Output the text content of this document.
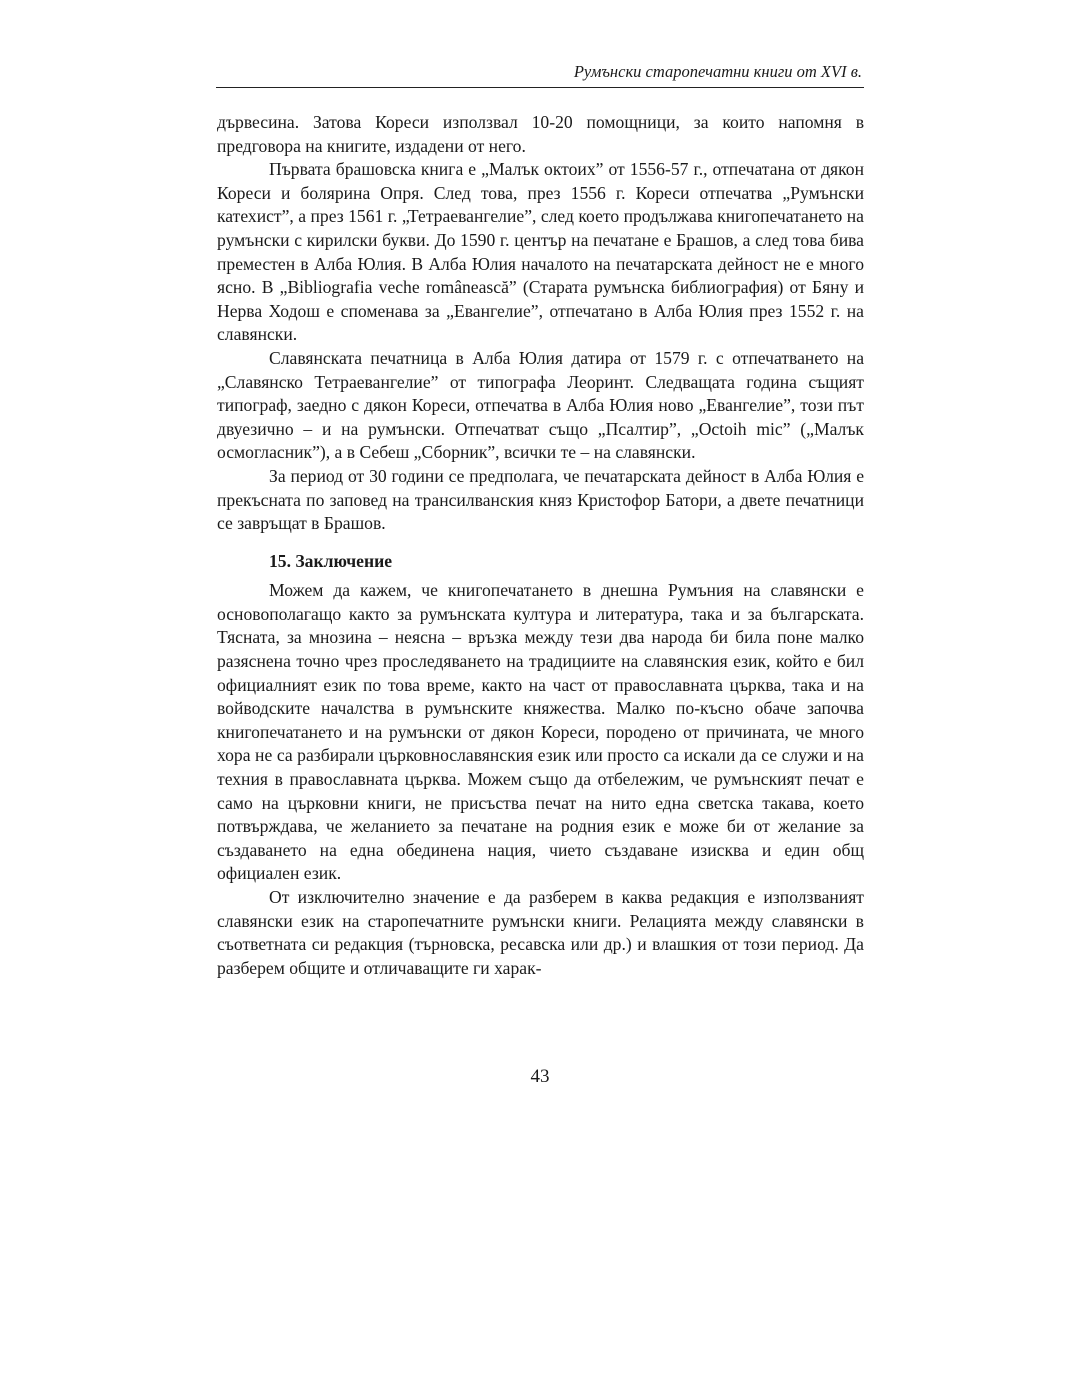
Румънски старопечатни книги от XVI в.

дървесина. Затова Кореси използвал 10-20 помощници, за които напомня в предговора на книгите, издадени от него.

Първата брашовска книга е „Малък октоих” от 1556-57 г., отпечатана от дякон Кореси и болярина Опря. След това, през 1556 г. Кореси отпечатва „Румънски катехист”, а през 1561 г. „Тетраевангелие”, след което продължава книгопечатането на румънски с кирилски букви. До 1590 г. център на печатане е Брашов, а след това бива преместен в Алба Юлия. В Алба Юлия началото на печатарската дейност не е много ясно. В „Bibliografia veche românească” (Старата румънска библиография) от Бяну и Нерва Ходош е споменава за „Евангелие”, отпечатано в Алба Юлия през 1552 г. на славянски.

Славянската печатница в Алба Юлия датира от 1579 г. с отпечатването на „Славянско Тетраевангелие” от типографа Леоринт. Следващата година същият типограф, заедно с дякон Кореси, отпечатва в Алба Юлия ново „Евангелие”, този път двуезично – и на румънски. Отпечатват също „Псалтир”, „Octoih mic” („Малък осмогласник”), а в Себеш „Сборник”, всички те – на славянски.

За период от 30 години се предполага, че печатарската дейност в Алба Юлия е прекъсната по заповед на трансилванския княз Кристофор Батори, а двете печатници се завръщат в Брашов.

15. Заключение

Можем да кажем, че книгопечатането в днешна Румъния на славянски е основополагащо както за румънската култура и литература, така и за българската. Тясната, за мнозина – неясна – връзка между тези два народа би била поне малко разяснена точно чрез проследяването на традициите на славянския език, който е бил официалният език по това време, както на част от православната църква, така и на войводските началства в румънските княжества. Малко по-късно обаче започва книгопечатането и на румънски от дякон Кореси, породено от причината, че много хора не са разбирали църковнославянския език или просто са искали да се служи и на техния в православната църква. Можем също да отбележим, че румънският печат е само на църковни книги, не присъства печат на нито една светска такава, което потвърждава, че желанието за печатане на родния език е може би от желание за създаването на една обединена нация, чието създаване изисква и един общ официален език.

От изключително значение е да разберем в каква редакция е използваният славянски език на старопечатните румънски книги. Релацията между славянски в съответната си редакция (търновска, ресавска или др.) и влашкия от този период. Да разберем общите и отличаващите ги харак-

43
